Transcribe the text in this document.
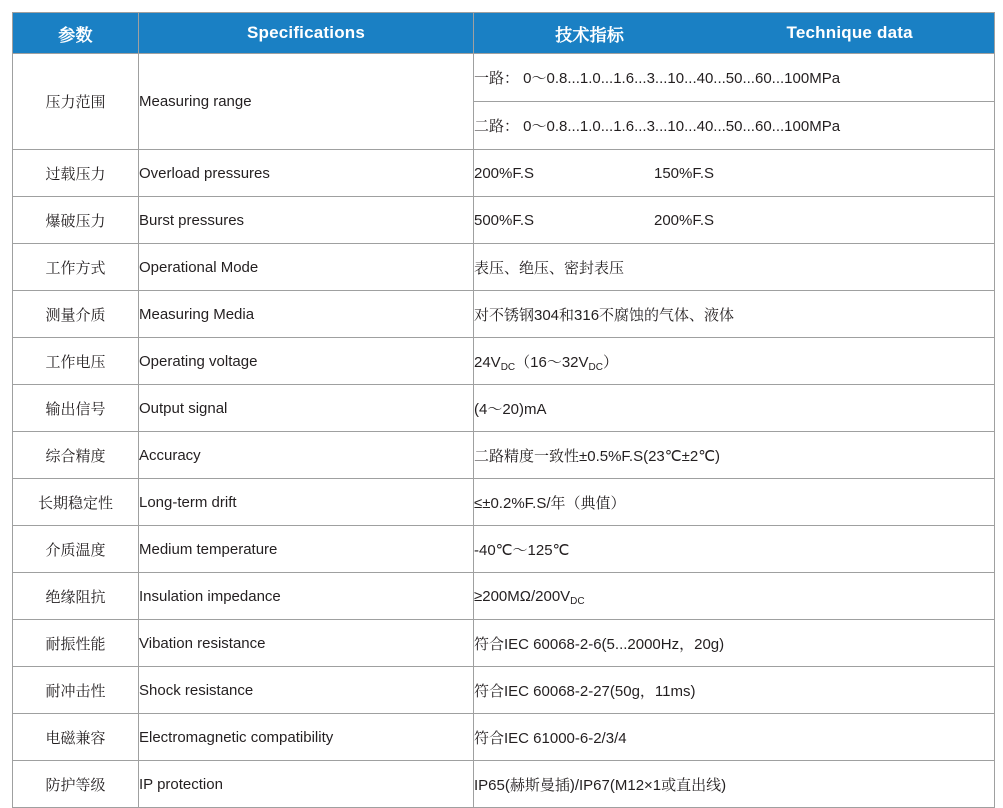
参数	Specifications	技术指标 Technique data

压力范围	Measuring range	一路： 0～0.8...1.0...1.6...3...10...40...50...60...100MPa
		二路： 0～0.8...1.0...1.6...3...10...40...50...60...100MPa
过载压力	Overload pressures	200%F.S 150%F.S

爆破压力	Burst pressures	500%F.S 200%F.S

工作方式	Operational Mode	表压、绝压、密封表压
测量介质	Measuring Media	对不锈钢304和316不腐蚀的气体、液体
工作电压	Operating voltage	$24V_{DC}(16\sim 32V_{DC})$
输出信号	Output signal	(4～20)mA
综合精度	Accuracy	二路精度一致性±0.5%F.S(23℃±2℃)
长期稳定性	Long-term drift	≤±0.2%F.S/年（典值）
介质温度	Medium temperature	-40℃～125℃
绝缘阻抗	Insulation impedance	$\ge 200M\Omega/200V_{DC}$
耐振性能	Vibation resistance	符合IEC 60068-2-6(5...2000Hz，20g)
耐冲击性	Shock resistance	符合IEC 60068-2-27(50g，11ms)
电磁兼容	Electromagnetic compatibility	符合IEC 61000-6-2/3/4
防护等级	IP protection	IP65(赫斯曼插)/IP67(M12×1或直出线)
